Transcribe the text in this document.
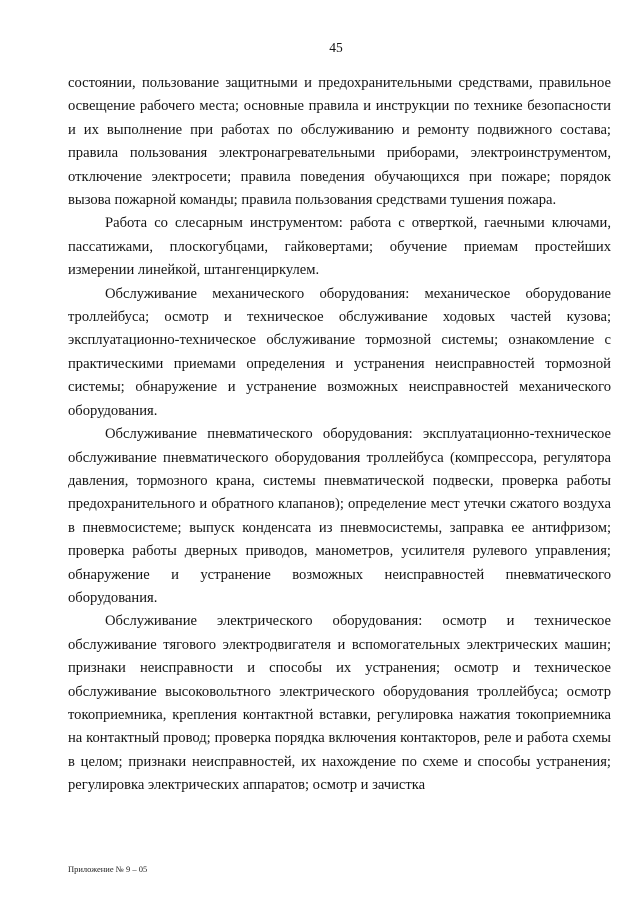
45

состоянии, пользование защитными и предохранительными средствами, правильное освещение рабочего места; основные правила и инструкции по технике безопасности и их выполнение при работах по обслуживанию и ремонту подвижного состава; правила пользования электронагревательными приборами, электроинструментом, отключение электросети; правила поведения обучающихся при пожаре; порядок вызова пожарной команды; правила пользования средствами тушения пожара.

Работа со слесарным инструментом: работа с отверткой, гаечными ключами, пассатижами, плоскогубцами, гайковертами; обучение приемам простейших измерении линейкой, штангенциркулем.

Обслуживание механического оборудования: механическое оборудование троллейбуса; осмотр и техническое обслуживание ходовых частей кузова; эксплуатационно-техническое обслуживание тормозной системы; ознакомление с практическими приемами определения и устранения неисправностей тормозной системы; обнаружение и устранение возможных неисправностей механического оборудования.

Обслуживание пневматического оборудования: эксплуатационно-техническое обслуживание пневматического оборудования троллейбуса (компрессора, регулятора давления, тормозного крана, системы пневматической подвески, проверка работы предохранительного и обратного клапанов); определение мест утечки сжатого воздуха в пневмосистеме; выпуск конденсата из пневмосистемы, заправка ее антифризом; проверка работы дверных приводов, манометров, усилителя рулевого управления; обнаружение и устранение возможных неисправностей пневматического оборудования.

Обслуживание электрического оборудования: осмотр и техническое обслуживание тягового электродвигателя и вспомогательных электрических машин; признаки неисправности и способы их устранения; осмотр и техническое обслуживание высоковольтного электрического оборудования троллейбуса; осмотр токоприемника, крепления контактной вставки, регулировка нажатия токоприемника на контактный провод; проверка порядка включения контакторов, реле и работа схемы в целом; признаки неисправностей, их нахождение по схеме и способы устранения; регулировка электрических аппаратов; осмотр и зачистка

Приложение № 9 – 05
